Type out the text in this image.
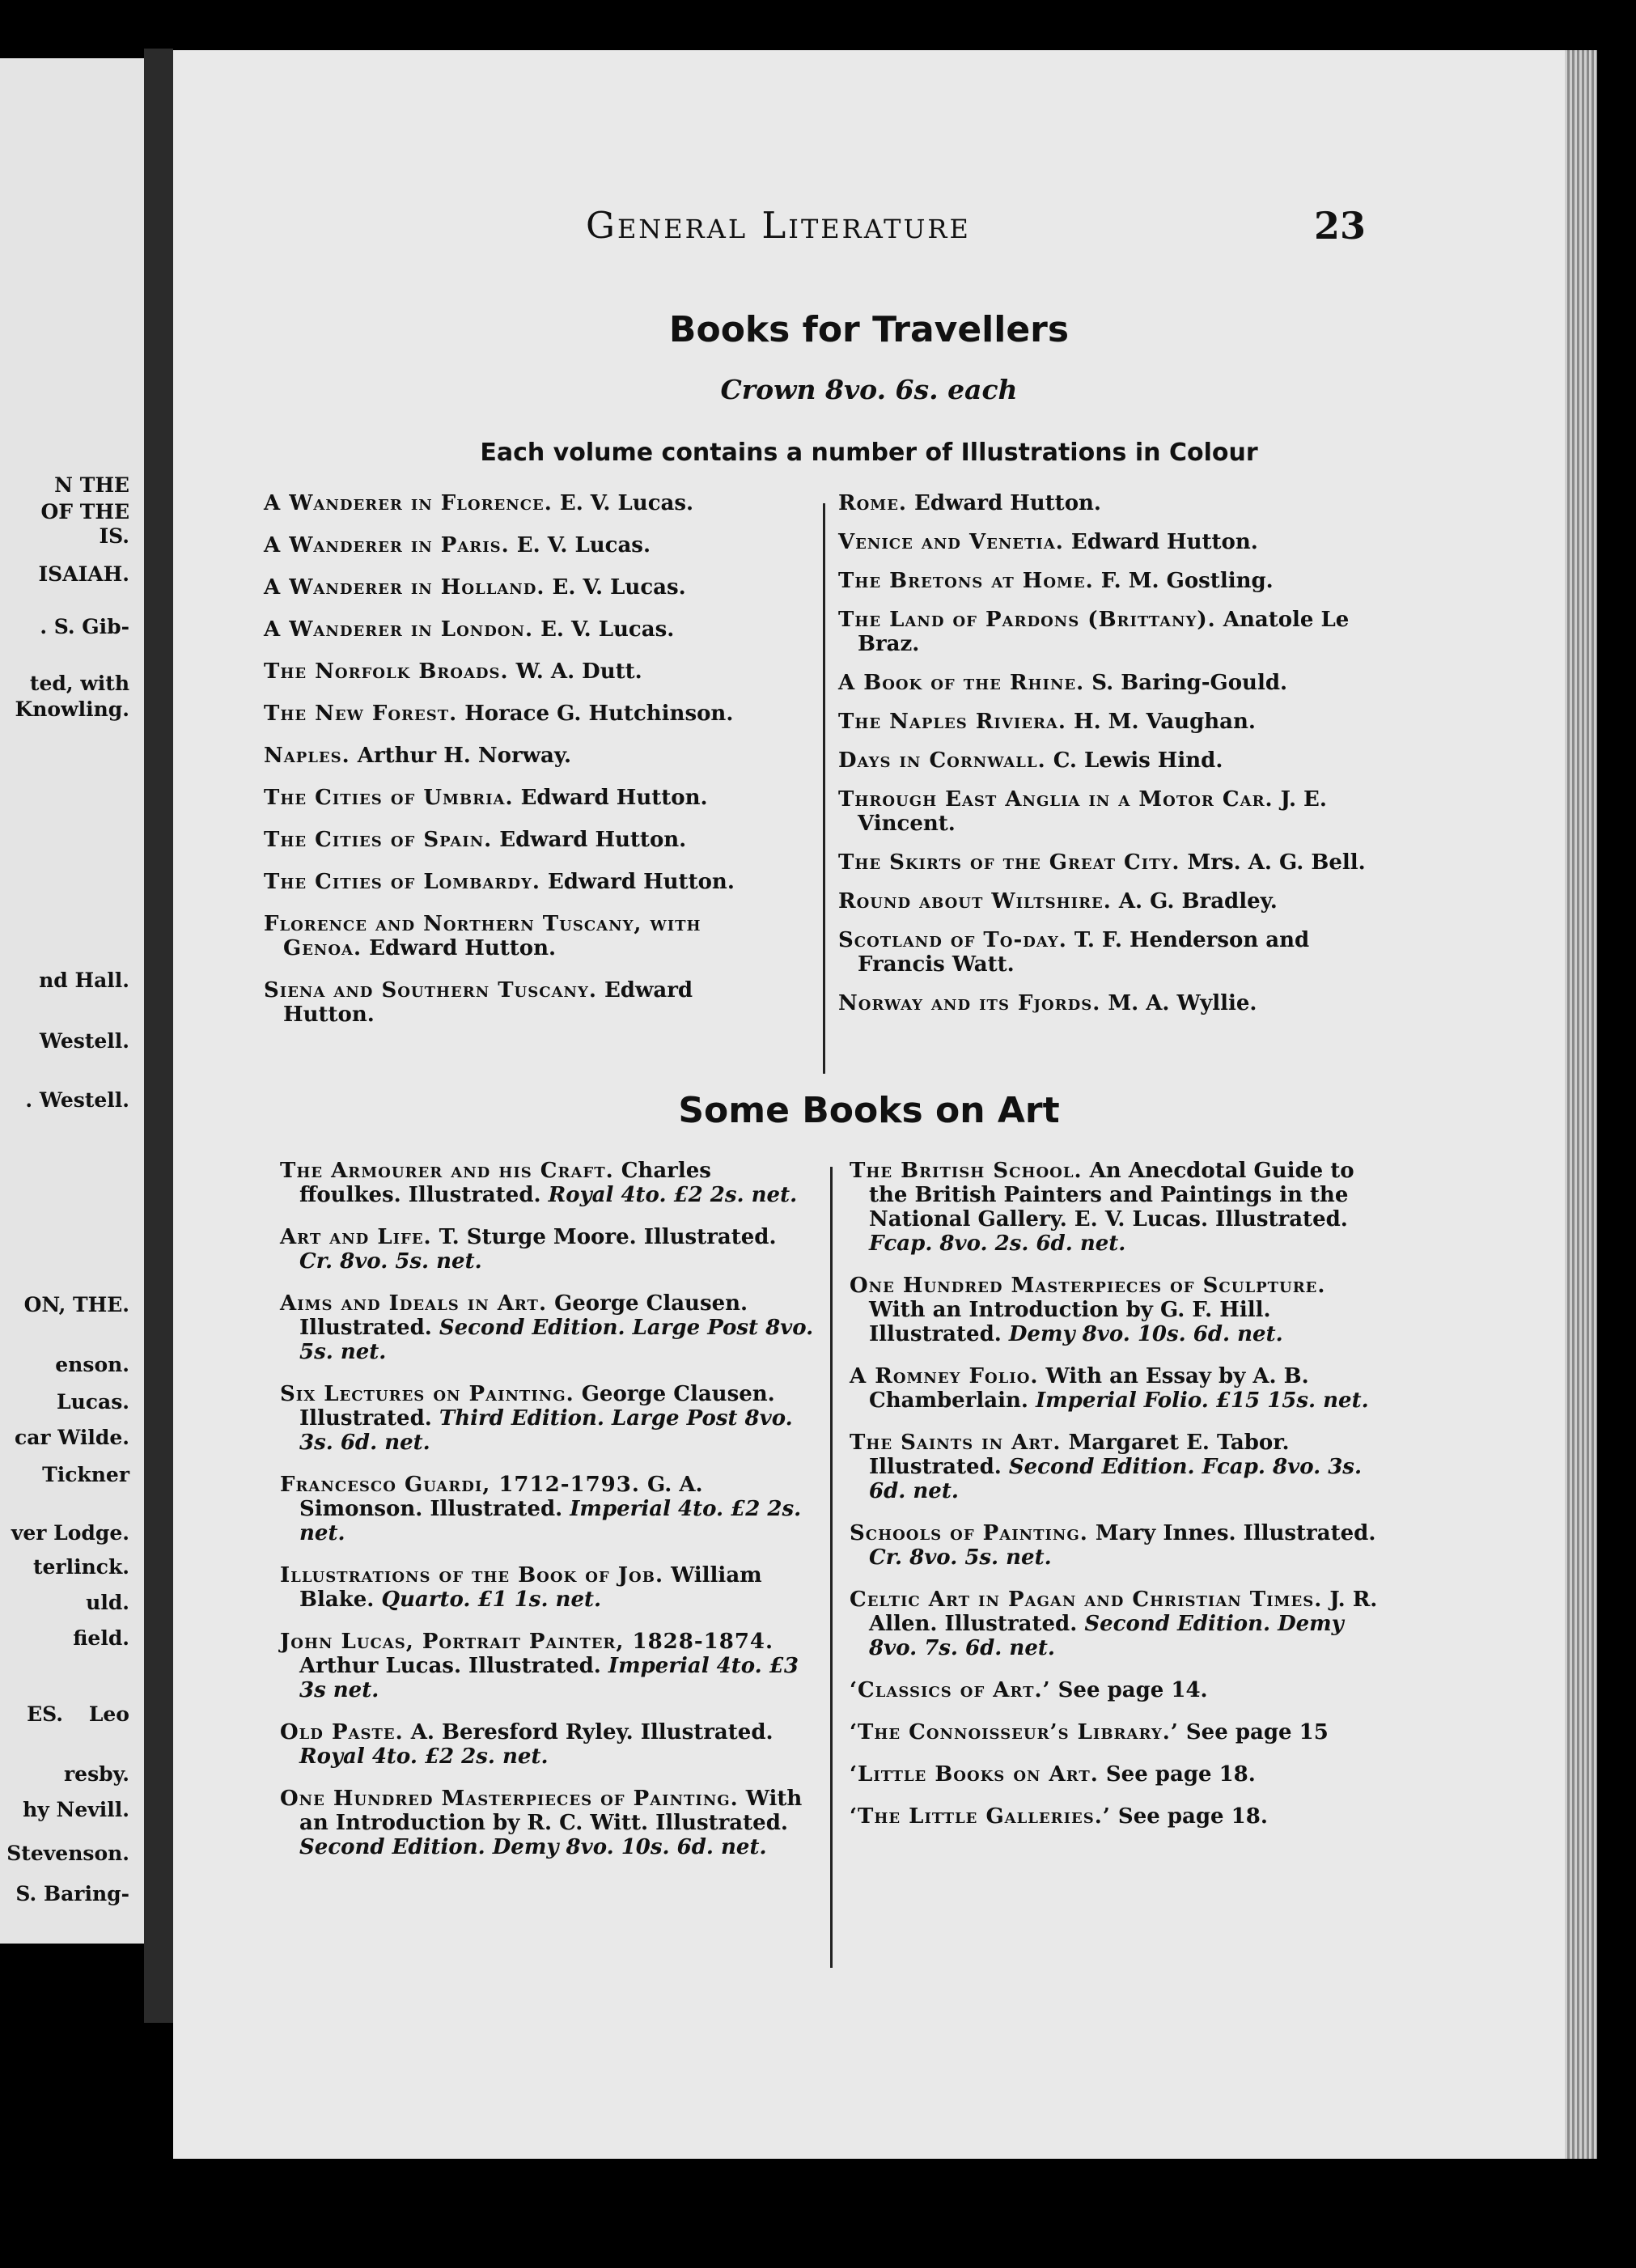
N THE
OF THE
IS.
ISAIAH.
. S. Gib-
ted, with
Knowling.
nd Hall.
Westell.
. Westell.
ON, THE.
enson.
Lucas.
car Wilde.
Tickner
ver Lodge.
terlinck.
uld.
field.
ES. Leo
resby.
hy Nevill.
Stevenson.
S. Baring-
General Literature	23
Books for Travellers
Crown 8vo. 6s. each
Each volume contains a number of Illustrations in Colour
A Wanderer in Florence. E. V. Lucas.
A Wanderer in Paris. E. V. Lucas.
A Wanderer in Holland. E. V. Lucas.
A Wanderer in London. E. V. Lucas.
The Norfolk Broads. W. A. Dutt.
The New Forest. Horace G. Hutchinson.
Naples. Arthur H. Norway.
The Cities of Umbria. Edward Hutton.
The Cities of Spain. Edward Hutton.
The Cities of Lombardy. Edward Hutton.
Florence and Northern Tuscany, with Genoa. Edward Hutton.
Siena and Southern Tuscany. Edward Hutton.
Rome. Edward Hutton.
Venice and Venetia. Edward Hutton.
The Bretons at Home. F. M. Gostling.
The Land of Pardons (Brittany). Anatole Le Braz.
A Book of the Rhine. S. Baring-Gould.
The Naples Riviera. H. M. Vaughan.
Days in Cornwall. C. Lewis Hind.
Through East Anglia in a Motor Car. J. E. Vincent.
The Skirts of the Great City. Mrs. A. G. Bell.
Round about Wiltshire. A. G. Bradley.
Scotland of To-day. T. F. Henderson and Francis Watt.
Norway and its Fjords. M. A. Wyllie.
Some Books on Art
The Armourer and his Craft. Charles ffoulkes. Illustrated. Royal 4to. £2 2s. net.
Art and Life. T. Sturge Moore. Illustrated. Cr. 8vo. 5s. net.
Aims and Ideals in Art. George Clausen. Illustrated. Second Edition. Large Post 8vo. 5s. net.
Six Lectures on Painting. George Clausen. Illustrated. Third Edition. Large Post 8vo. 3s. 6d. net.
Francesco Guardi, 1712-1793. G. A. Simonson. Illustrated. Imperial 4to. £2 2s. net.
Illustrations of the Book of Job. William Blake. Quarto. £1 1s. net.
John Lucas, Portrait Painter, 1828-1874. Arthur Lucas. Illustrated. Imperial 4to. £3 3s net.
Old Paste. A. Beresford Ryley. Illustrated. Royal 4to. £2 2s. net.
One Hundred Masterpieces of Painting. With an Introduction by R. C. Witt. Illustrated. Second Edition. Demy 8vo. 10s. 6d. net.
The British School. An Anecdotal Guide to the British Painters and Paintings in the National Gallery. E. V. Lucas. Illustrated. Fcap. 8vo. 2s. 6d. net.
One Hundred Masterpieces of Sculpture. With an Introduction by G. F. Hill. Illustrated. Demy 8vo. 10s. 6d. net.
A Romney Folio. With an Essay by A. B. Chamberlain. Imperial Folio. £15 15s. net.
The Saints in Art. Margaret E. Tabor. Illustrated. Second Edition. Fcap. 8vo. 3s. 6d. net.
Schools of Painting. Mary Innes. Illustrated. Cr. 8vo. 5s. net.
Celtic Art in Pagan and Christian Times. J. R. Allen. Illustrated. Second Edition. Demy 8vo. 7s. 6d. net.
‘Classics of Art.’ See page 14.
‘The Connoisseur’s Library.’ See page 15
‘Little Books on Art. See page 18.
‘The Little Galleries.’ See page 18.
